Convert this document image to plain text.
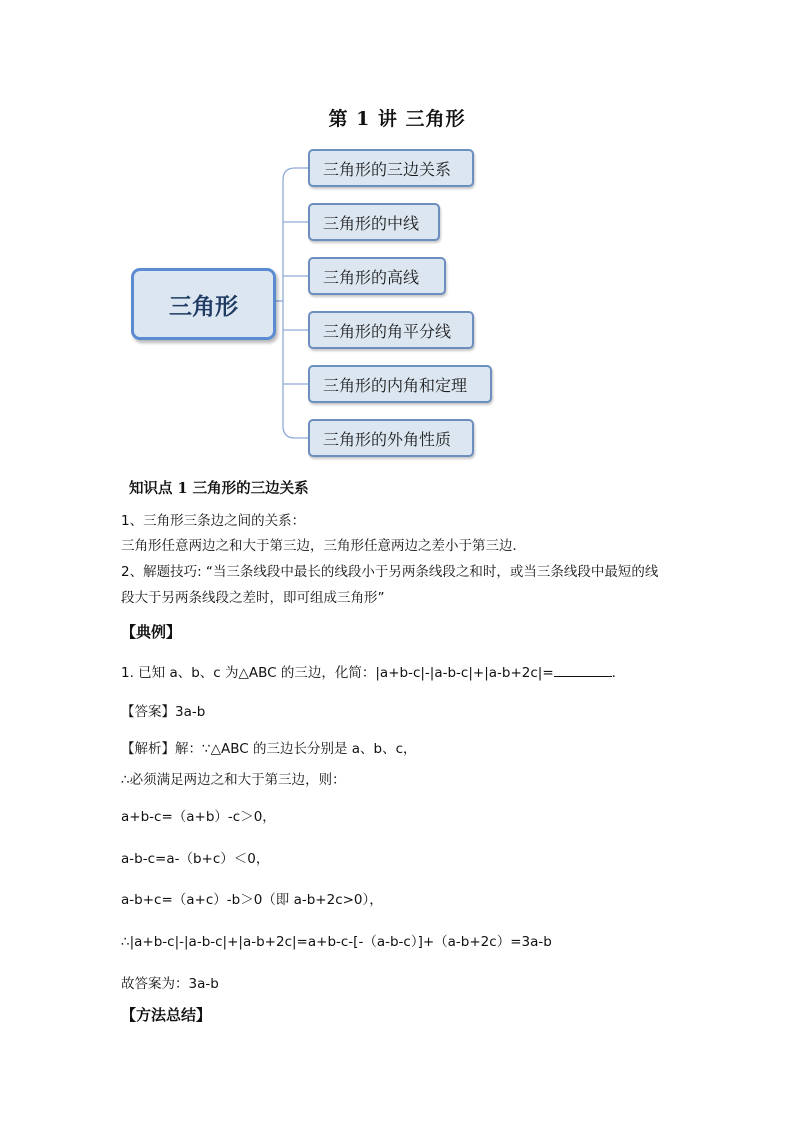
第 1 讲 三角形
三角形
三角形的三边关系
三角形的中线
三角形的高线
三角形的角平分线
三角形的内角和定理
三角形的外角性质
知识点 1 三角形的三边关系
1、三角形三条边之间的关系：
三角形任意两边之和大于第三边，三角形任意两边之差小于第三边．
2、解题技巧: “当三条线段中最长的线段小于另两条线段之和时，或当三条线段中最短的线
段大于另两条线段之差时，即可组成三角形”
【典例】
1. 已知 a、b、c 为△ABC 的三边，化简：|a+b-c|-|a-b-c|+|a-b+2c|=	．
【答案】3a-b
【解析】解：∵△ABC 的三边长分别是 a、b、c，
∴必须满足两边之和大于第三边，则：
a+b-c=（a+b）-c＞0，
a-b-c=a-（b+c）＜0，
a-b+c=（a+c）-b＞0（即 a-b+2c>0），
∴|a+b-c|-|a-b-c|+|a-b+2c|=a+b-c-[-（a-b-c）]+（a-b+2c）=3a-b
故答案为：3a-b
【方法总结】
